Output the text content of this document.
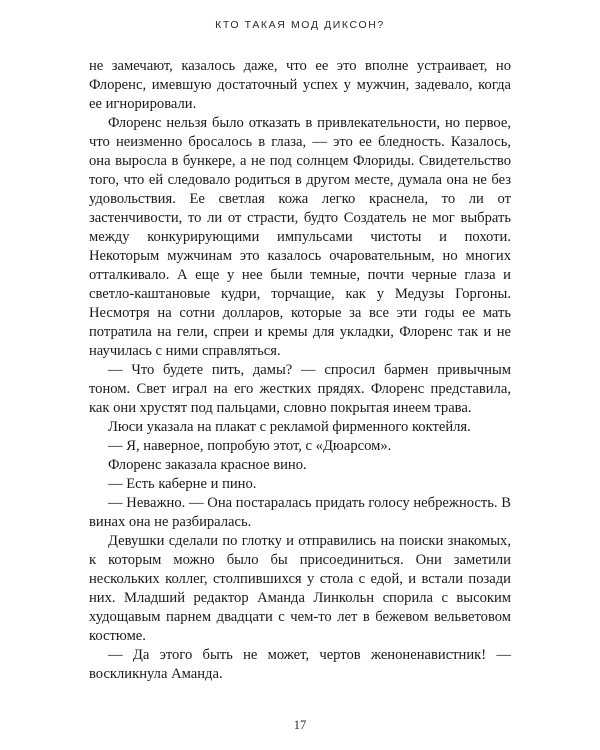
КТО ТАКАЯ МОД ДИКСОН?

не замечают, казалось даже, что ее это вполне устраивает, но Флоренс, имевшую достаточный успех у мужчин, задевало, когда ее игнорировали.

Флоренс нельзя было отказать в привлекательности, но первое, что неизменно бросалось в глаза, — это ее бледность. Казалось, она выросла в бункере, а не под солнцем Флориды. Свидетельство того, что ей следовало родиться в другом месте, думала она не без удовольствия. Ее светлая кожа легко краснела, то ли от застенчивости, то ли от страсти, будто Создатель не мог выбрать между конкурирующими импульсами чистоты и похоти. Некоторым мужчинам это казалось очаровательным, но многих отталкивало. А еще у нее были темные, почти черные глаза и светло-каштановые кудри, торчащие, как у Медузы Горгоны. Несмотря на сотни долларов, которые за все эти годы ее мать потратила на гели, спреи и кремы для укладки, Флоренс так и не научилась с ними справляться.

— Что будете пить, дамы? — спросил бармен привычным тоном. Свет играл на его жестких прядях. Флоренс представила, как они хрустят под пальцами, словно покрытая инеем трава.

Люси указала на плакат с рекламой фирменного коктейля.

— Я, наверное, попробую этот, с «Дюарсом».

Флоренс заказала красное вино.

— Есть каберне и пино.

— Неважно. — Она постаралась придать голосу небрежность. В винах она не разбиралась.

Девушки сделали по глотку и отправились на поиски знакомых, к которым можно было бы присоединиться. Они заметили нескольких коллег, столпившихся у стола с едой, и встали позади них. Младший редактор Аманда Линкольн спорила с высоким худощавым парнем двадцати с чем-то лет в бежевом вельветовом костюме.

— Да этого быть не может, чертов женоненавистник! — воскликнула Аманда.

17
